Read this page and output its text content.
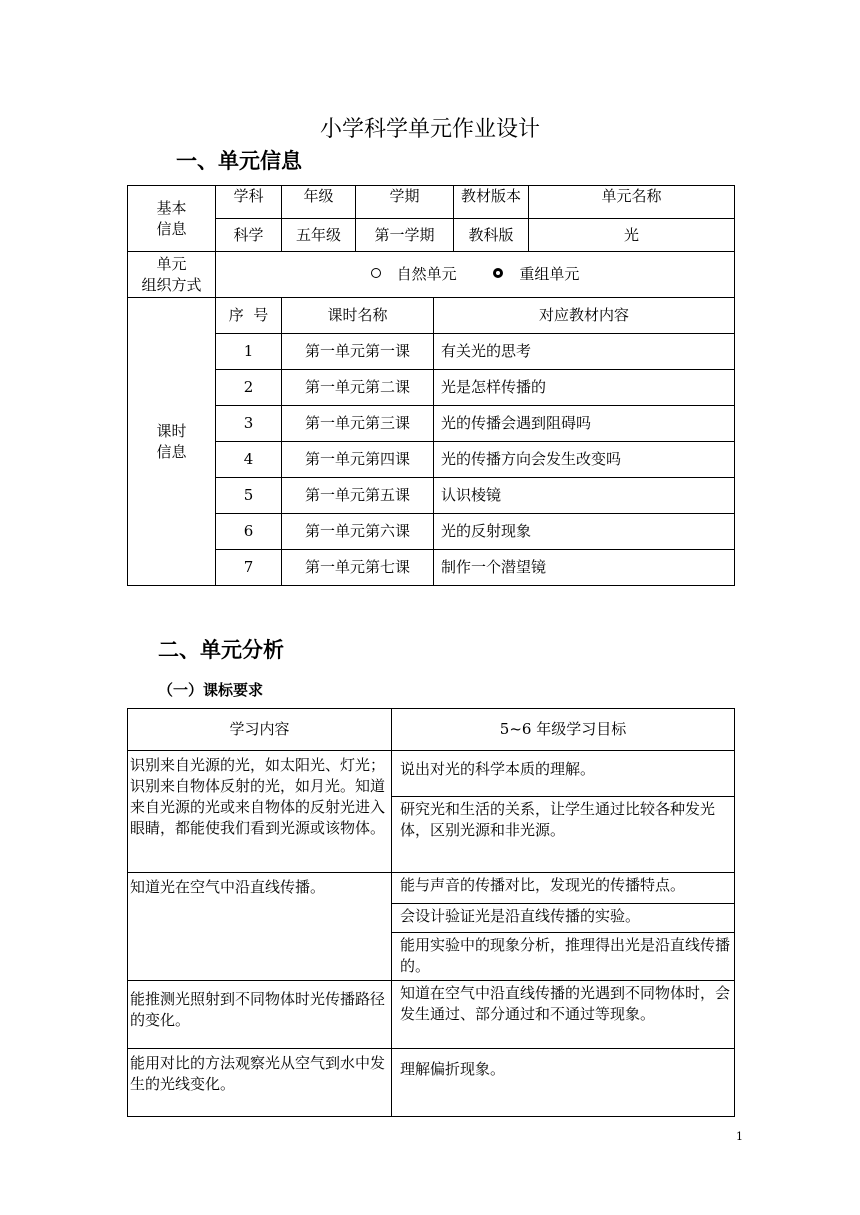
小学科学单元作业设计
一、单元信息
基本
信息	学科	年级	学期		教材版本	单元名称
	科学	五年级	第一学期		教科版	光
单元
组织方式	自然单元 重组单元					
课时
信息	序  号	课时名称		对应教材内容		
	1	第一单元第一课		有关光的思考		
	2	第一单元第二课		光是怎样传播的		
	3	第一单元第三课		光的传播会遇到阻碍吗		
	4	第一单元第四课		光的传播方向会发生改变吗		
	5	第一单元第五课		认识棱镜		
	6	第一单元第六课		光的反射现象		
	7	第一单元第七课		制作一个潜望镜		
二、单元分析
（一）课标要求
学习内容	5~6 年级学习目标
识别来自光源的光，如太阳光、灯光；识别来自物体反射的光，如月光。知道来自光源的光或来自物体的反射光进入眼睛，都能使我们看到光源或该物体。	说出对光的科学本质的理解。
	研究光和生活的关系，让学生通过比较各种发光体，区别光源和非光源。
知道光在空气中沿直线传播。	能与声音的传播对比，发现光的传播特点。
	会设计验证光是沿直线传播的实验。
	能用实验中的现象分析，推理得出光是沿直线传播的。
能推测光照射到不同物体时光传播路径的变化。	知道在空气中沿直线传播的光遇到不同物体时，会发生通过、部分通过和不通过等现象。
能用对比的方法观察光从空气到水中发生的光线变化。	理解偏折现象。
1
